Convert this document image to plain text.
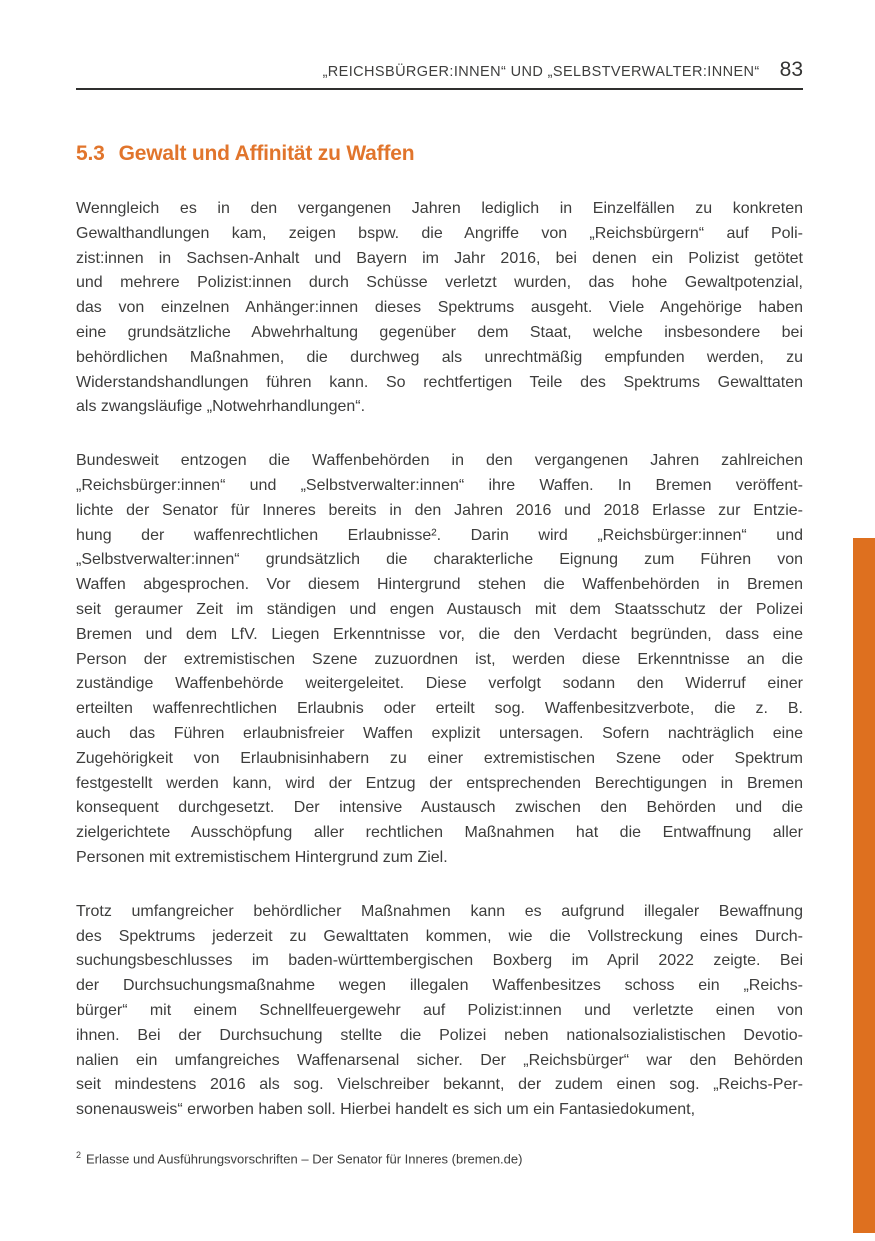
„REICHSBÜRGER:INNEN“ UND „SELBSTVERWALTER:INNEN“ 83
5.3 Gewalt und Affinität zu Waffen
Wenngleich es in den vergangenen Jahren lediglich in Einzelfällen zu konkreten
Gewalthandlungen kam, zeigen bspw. die Angriffe von „Reichsbürgern“ auf Poli-
zist:innen in Sachsen-Anhalt und Bayern im Jahr 2016, bei denen ein Polizist getötet
und mehrere Polizist:innen durch Schüsse verletzt wurden, das hohe Gewaltpotenzial,
das von einzelnen Anhänger:innen dieses Spektrums ausgeht. Viele Angehörige haben
eine grundsätzliche Abwehrhaltung gegenüber dem Staat, welche insbesondere bei
behördlichen Maßnahmen, die durchweg als unrechtmäßig empfunden werden, zu
Widerstandshandlungen führen kann. So rechtfertigen Teile des Spektrums Gewalttaten
als zwangsläufige „Notwehrhandlungen“.
Bundesweit entzogen die Waffenbehörden in den vergangenen Jahren zahlreichen
„Reichsbürger:innen“ und „Selbstverwalter:innen“ ihre Waffen. In Bremen veröffent-
lichte der Senator für Inneres bereits in den Jahren 2016 und 2018 Erlasse zur Entzie-
hung der waffenrechtlichen Erlaubnisse². Darin wird „Reichsbürger:innen“ und
„Selbstverwalter:innen“ grundsätzlich die charakterliche Eignung zum Führen von
Waffen abgesprochen. Vor diesem Hintergrund stehen die Waffenbehörden in Bremen
seit geraumer Zeit im ständigen und engen Austausch mit dem Staatsschutz der Polizei
Bremen und dem LfV. Liegen Erkenntnisse vor, die den Verdacht begründen, dass eine
Person der extremistischen Szene zuzuordnen ist, werden diese Erkenntnisse an die
zuständige Waffenbehörde weitergeleitet. Diese verfolgt sodann den Widerruf einer
erteilten waffenrechtlichen Erlaubnis oder erteilt sog. Waffenbesitzverbote, die z. B.
auch das Führen erlaubnisfreier Waffen explizit untersagen. Sofern nachträglich eine
Zugehörigkeit von Erlaubnisinhabern zu einer extremistischen Szene oder Spektrum
festgestellt werden kann, wird der Entzug der entsprechenden Berechtigungen in Bremen
konsequent durchgesetzt. Der intensive Austausch zwischen den Behörden und die
zielgerichtete Ausschöpfung aller rechtlichen Maßnahmen hat die Entwaffnung aller
Personen mit extremistischem Hintergrund zum Ziel.
Trotz umfangreicher behördlicher Maßnahmen kann es aufgrund illegaler Bewaffnung
des Spektrums jederzeit zu Gewalttaten kommen, wie die Vollstreckung eines Durch-
suchungsbeschlusses im baden-württembergischen Boxberg im April 2022 zeigte. Bei
der Durchsuchungsmaßnahme wegen illegalen Waffenbesitzes schoss ein „Reichs-
bürger“ mit einem Schnellfeuergewehr auf Polizist:innen und verletzte einen von
ihnen. Bei der Durchsuchung stellte die Polizei neben nationalsozialistischen Devotio-
nalien ein umfangreiches Waffenarsenal sicher. Der „Reichsbürger“ war den Behörden
seit mindestens 2016 als sog. Vielschreiber bekannt, der zudem einen sog. „Reichs-Per-
sonenausweis“ erworben haben soll. Hierbei handelt es sich um ein Fantasiedokument,
$^2$ Erlasse und Ausführungsvorschriften – Der Senator für Inneres (bremen.de)
